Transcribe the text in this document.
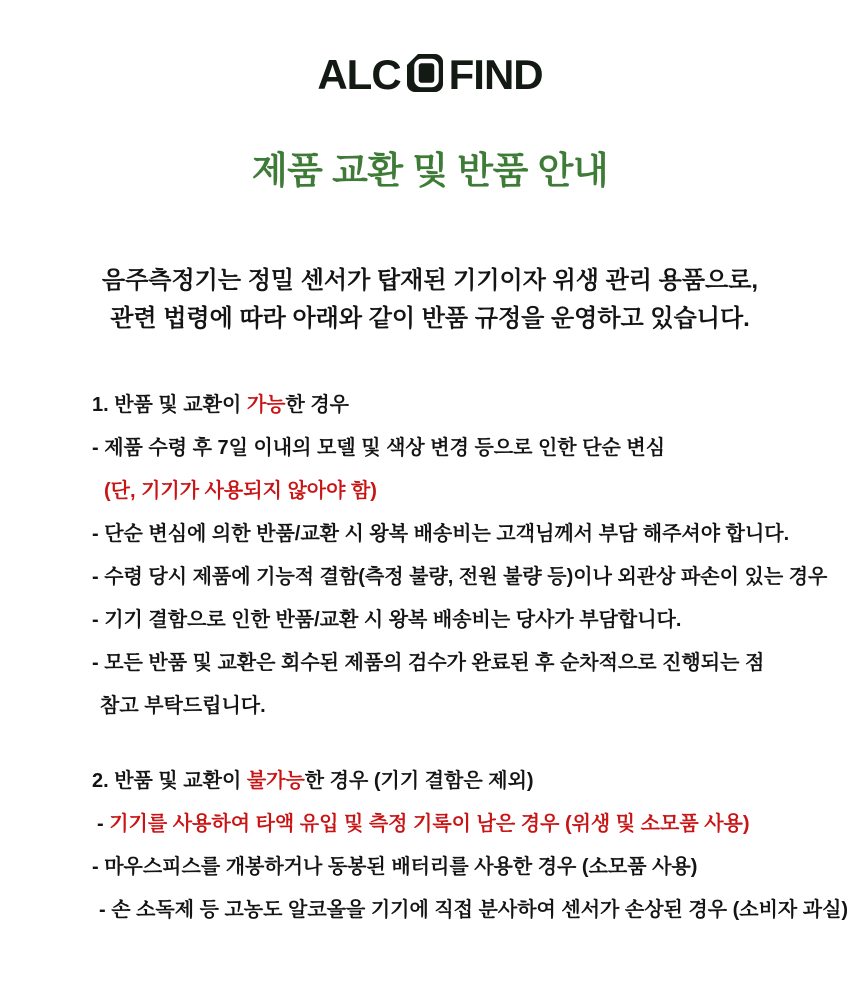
ALC FIND
제품 교환 및 반품 안내
음주측정기는 정밀 센서가 탑재된 기기이자 위생 관리 용품으로,
관련 법령에 따라 아래와 같이 반품 규정을 운영하고 있습니다.
1. 반품 및 교환이 가능한 경우
- 제품 수령 후 7일 이내의 모델 및 색상 변경 등으로 인한 단순 변심
(단, 기기가 사용되지 않아야 함)
- 단순 변심에 의한 반품/교환 시 왕복 배송비는 고객님께서 부담 해주셔야 합니다.
- 수령 당시 제품에 기능적 결함(측정 불량, 전원 불량 등)이나 외관상 파손이 있는 경우
- 기기 결함으로 인한 반품/교환 시 왕복 배송비는 당사가 부담합니다.
- 모든 반품 및 교환은 회수된 제품의 검수가 완료된 후 순차적으로 진행되는 점
참고 부탁드립니다.
2. 반품 및 교환이 불가능한 경우 (기기 결함은 제외)
- 기기를 사용하여 타액 유입 및 측정 기록이 남은 경우 (위생 및 소모품 사용)
- 마우스피스를 개봉하거나 동봉된 배터리를 사용한 경우 (소모품 사용)
- 손 소독제 등 고농도 알코올을 기기에 직접 분사하여 센서가 손상된 경우 (소비자 과실)
